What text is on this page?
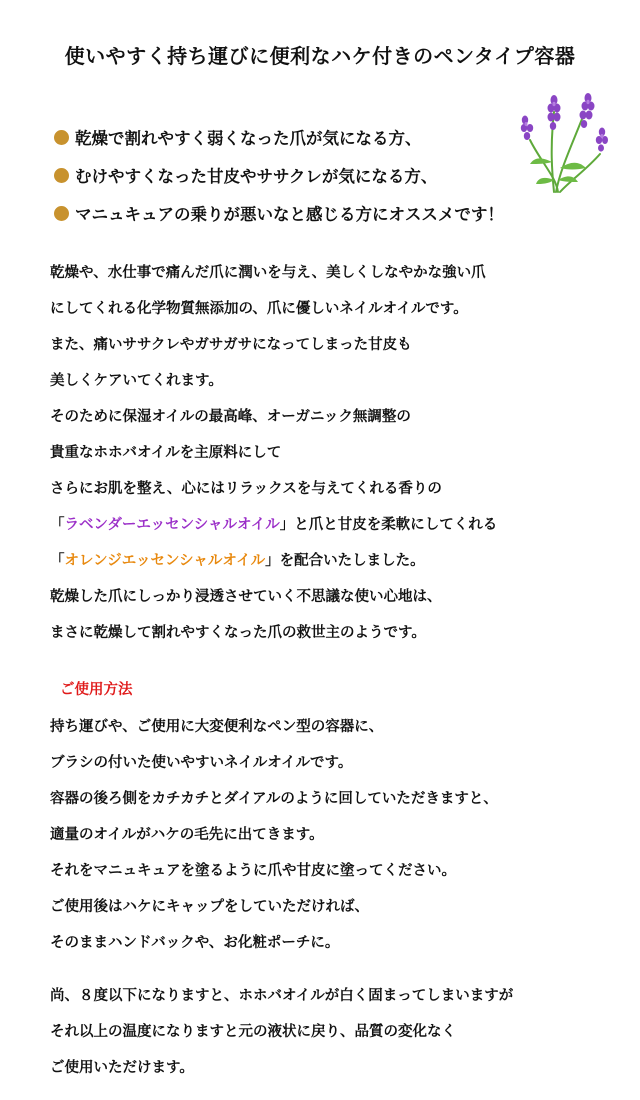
使いやすく持ち運びに便利なハケ付きのペンタイプ容器
乾燥で割れやすく弱くなった爪が気になる方、
むけやすくなった甘皮やササクレが気になる方、
マニュキュアの乗りが悪いなと感じる方にオススメです！
乾燥や、水仕事で痛んだ爪に潤いを与え、美しくしなやかな強い爪
にしてくれる化学物質無添加の、爪に優しいネイルオイルです。
また、痛いササクレやガサガサになってしまった甘皮も
美しくケアいてくれます。
そのために保湿オイルの最高峰、オーガニック無調整の
貴重なホホバオイルを主原料にして
さらにお肌を整え、心にはリラックスを与えてくれる香りの
「ラベンダーエッセンシャルオイル」と爪と甘皮を柔軟にしてくれる
「オレンジエッセンシャルオイル」を配合いたしました。
乾燥した爪にしっかり浸透させていく不思議な使い心地は、
まさに乾燥して割れやすくなった爪の救世主のようです。
ご使用方法
持ち運びや、ご使用に大変便利なペン型の容器に、
ブラシの付いた使いやすいネイルオイルです。
容器の後ろ側をカチカチとダイアルのように回していただきますと、
適量のオイルがハケの毛先に出てきます。
それをマニュキュアを塗るように爪や甘皮に塗ってください。
ご使用後はハケにキャップをしていただければ、
そのままハンドバックや、お化粧ポーチに。
尚、８度以下になりますと、ホホバオイルが白く固まってしまいますが
それ以上の温度になりますと元の液状に戻り、品質の変化なく
ご使用いただけます。
